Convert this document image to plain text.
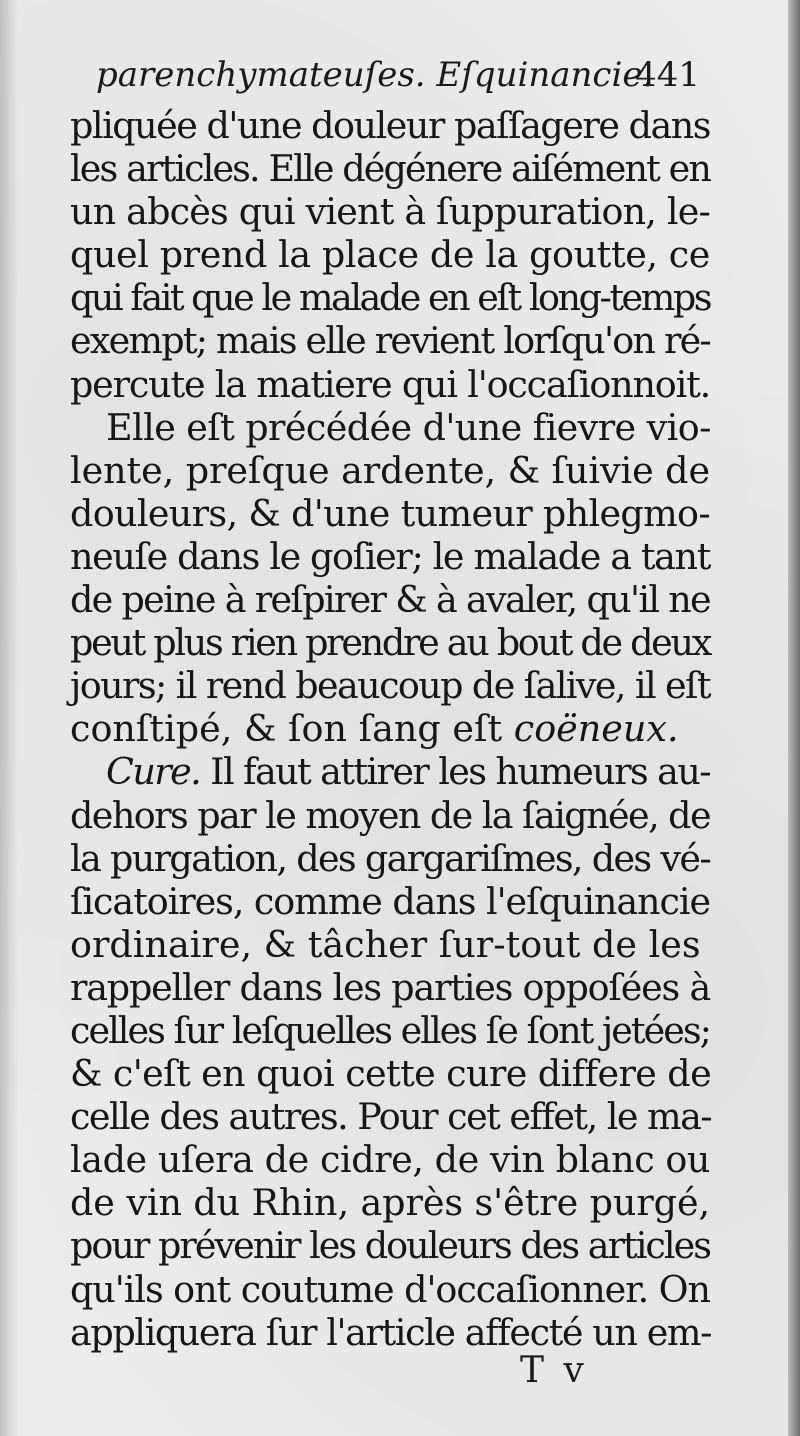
parenchymateuſes. Eſquinancie.
441
pliquée d'une douleur paſſagere dans
les articles. Elle dégénere aiſément en
un abcès qui vient à ſuppuration, le-
quel prend la place de la goutte, ce
qui fait que le malade en eſt long-temps
exempt; mais elle revient lorſqu'on ré-
percute la matiere qui l'occaſionnoit.
Elle eſt précédée d'une fievre vio-
lente, preſque ardente, & ſuivie de
douleurs, & d'une tumeur phlegmo-
neuſe dans le goſier; le malade a tant
de peine à reſpirer & à avaler, qu'il ne
peut plus rien prendre au bout de deux
jours; il rend beaucoup de ſalive, il eſt
conſtipé, & ſon ſang eſt coëneux.
Cure. Il faut attirer les humeurs au-
dehors par le moyen de la ſaignée, de
la purgation, des gargariſmes, des vé-
ſicatoires, comme dans l'eſquinancie
ordinaire, & tâcher ſur-tout de les
rappeller dans les parties oppoſées à
celles ſur leſquelles elles ſe ſont jetées;
& c'eſt en quoi cette cure differe de
celle des autres. Pour cet effet, le ma-
lade uſera de cidre, de vin blanc ou
de vin du Rhin, après s'être purgé,
pour prévenir les douleurs des articles
qu'ils ont coutume d'occaſionner. On
appliquera ſur l'article affecté un em-
T v
